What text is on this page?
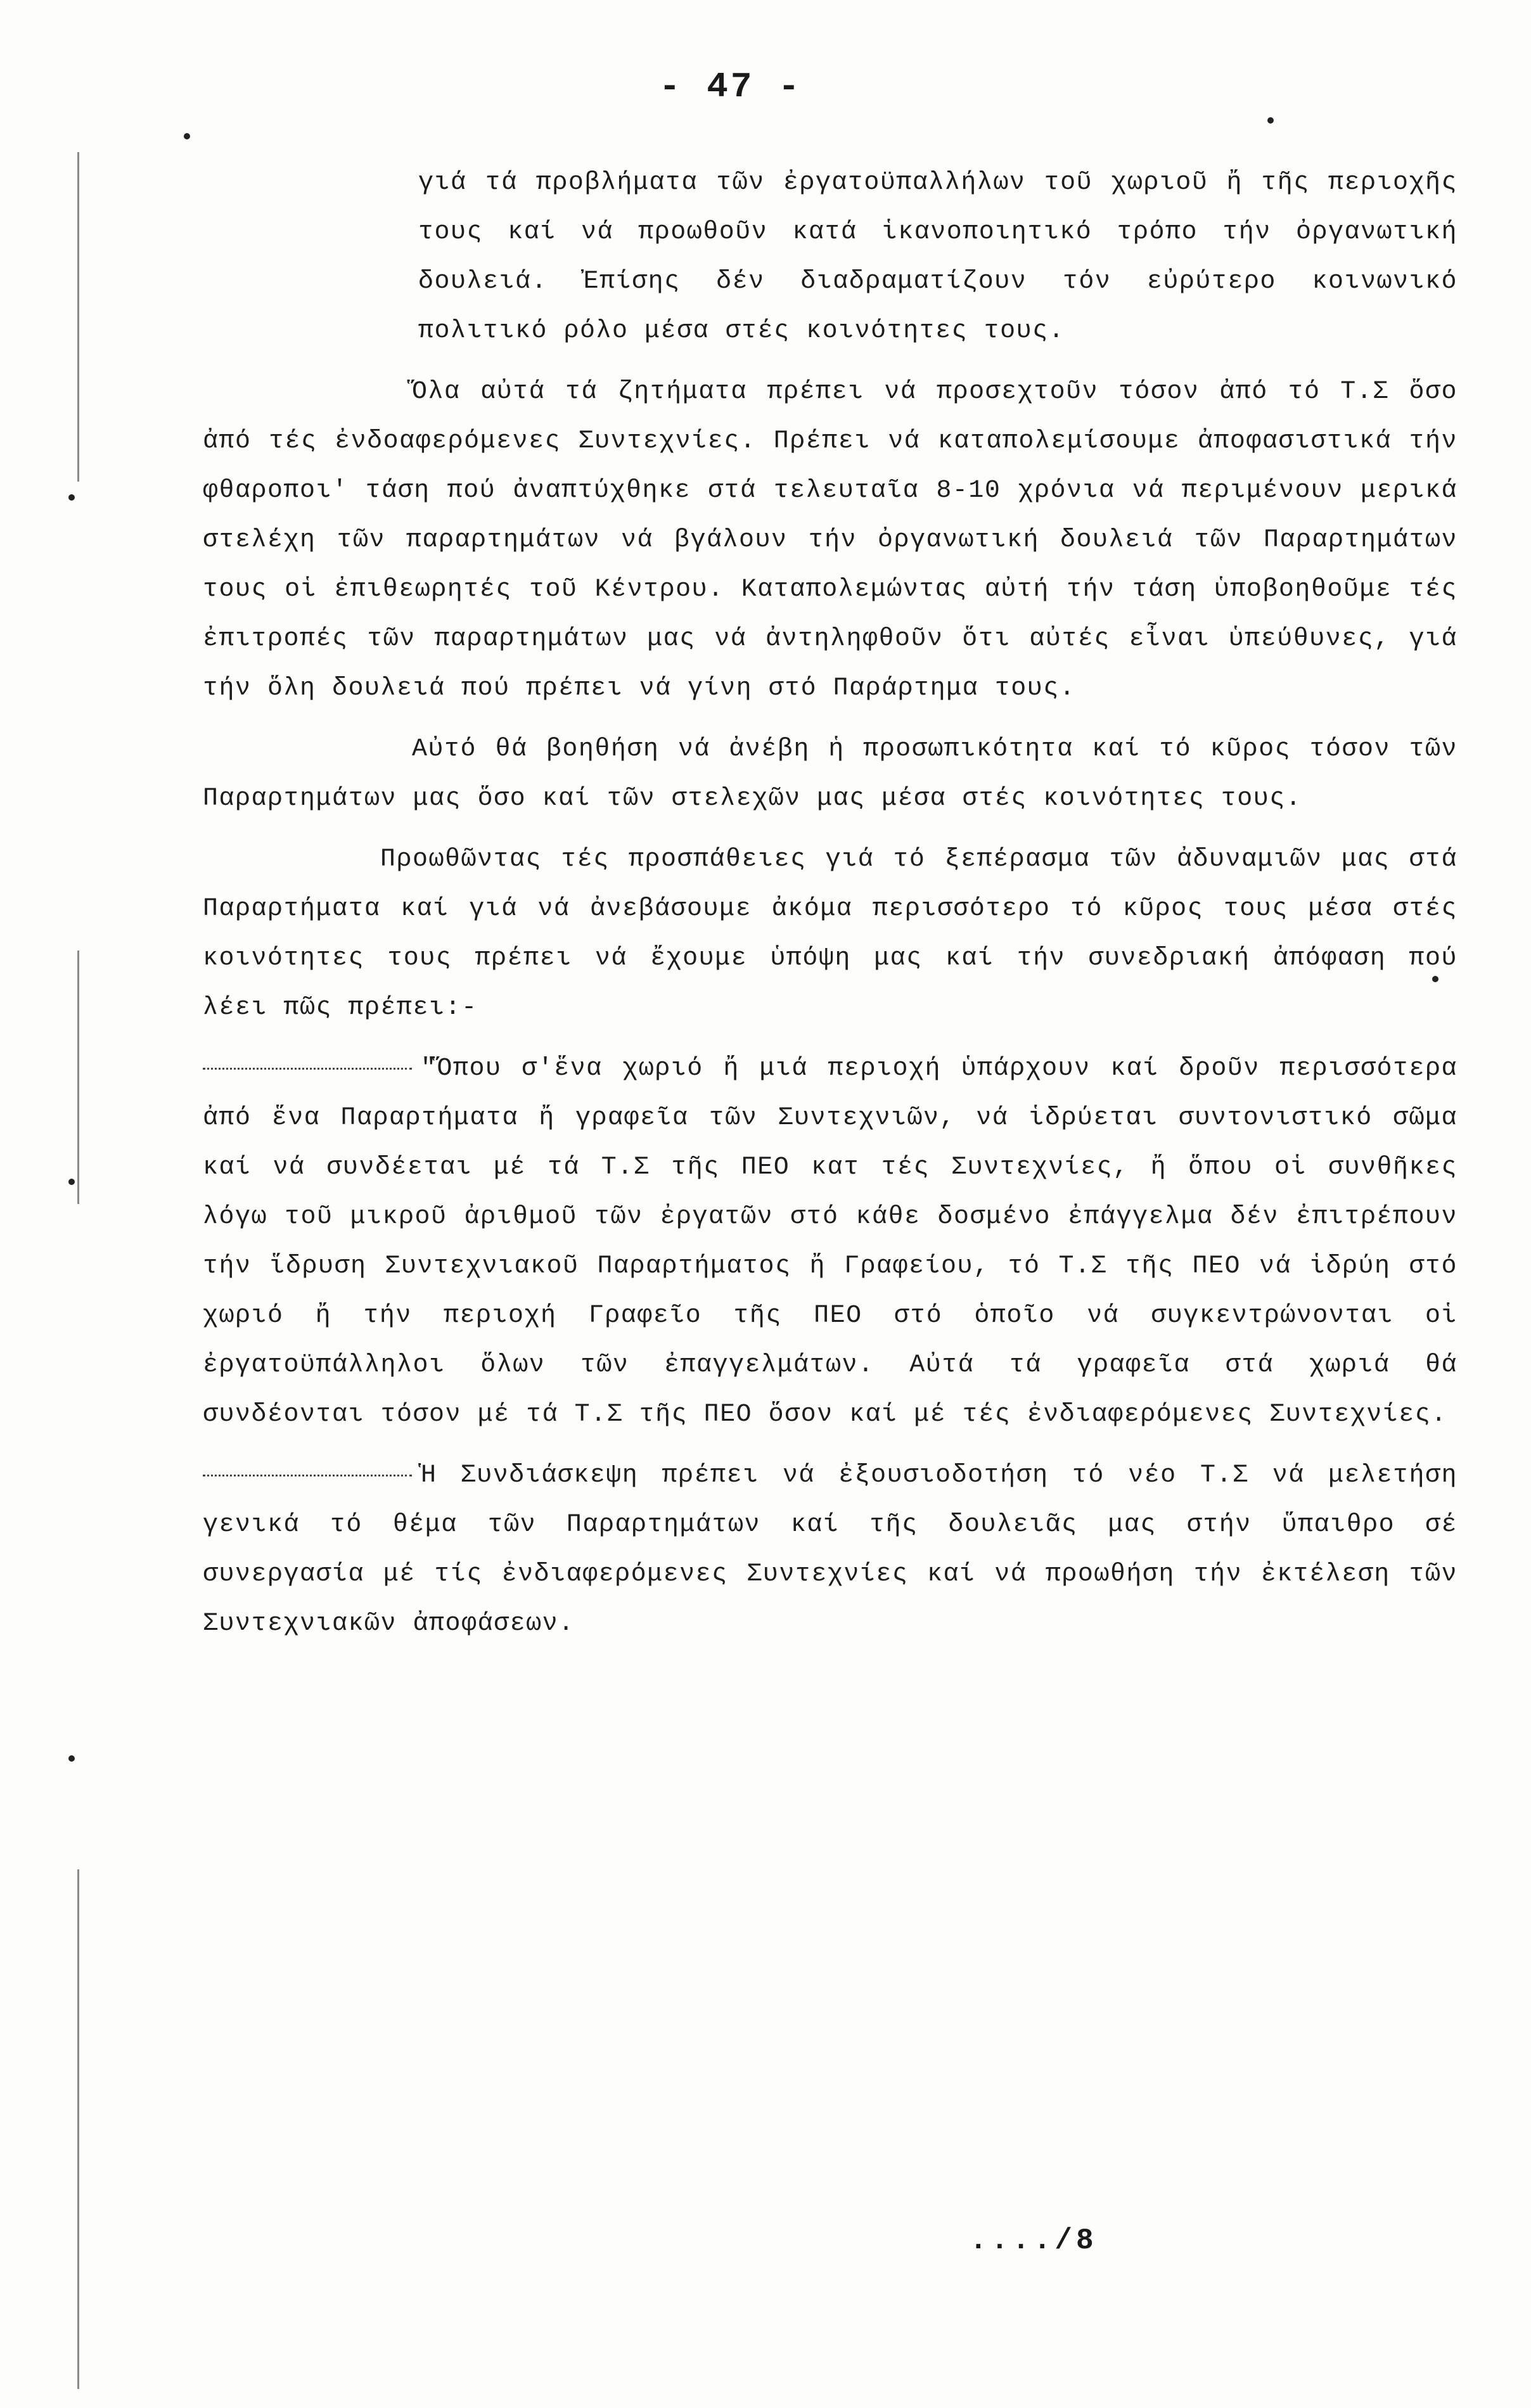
- 47 -

γιά τά προβλήματα τῶν ἐργατοϋπαλλήλων τοῦ χωριοῦ ἤ τῆς περιοχῆς τους καί νά προωθοῦν κατά ἱκανοποιητικό τρόπο τήν ὀργανωτική δουλειά. Ἐπίσης δέν διαδραματίζουν τόν εὐρύτερο κοινωνικό πολιτικό ρόλο μέσα στές κοινότητες τους.

Ὅλα αὐτά τά ζητήματα πρέπει νά προσεχτοῦν τόσον ἀπό τό Τ.Σ ὅσο ἀπό τές ἐνδοαφερόμενες Συντεχνίες. Πρέπει νά καταπολεμίσουμε ἀποφασιστικά τήν φθαροποι' τάση πού ἀναπτύχθηκε στά τελευταῖα 8-10 χρόνια νά περιμένουν μερικά στελέχη τῶν παραρτημάτων νά βγάλουν τήν ὀργανωτική δουλειά τῶν Παραρτημάτων τους οἱ ἐπιθεωρητές τοῦ Κέντρου. Καταπολεμώντας αὐτή τήν τάση ὑποβοηθοῦμε τές ἐπιτροπές τῶν παραρτημάτων μας νά ἀντηληφθοῦν ὅτι αὐτές εἶναι ὑπεύθυνες, γιά τήν ὅλη δουλειά πού πρέπει νά γίνη στό Παράρτημα τους.

Αὐτό θά βοηθήση νά ἀνέβη ἡ προσωπικότητα καί τό κῦρος τόσον τῶν Παραρτημάτων μας ὅσο καί τῶν στελεχῶν μας μέσα στές κοινότητες τους.

Προωθῶντας τές προσπάθειες γιά τό ξεπέρασμα τῶν ἀδυναμιῶν μας στά Παραρτήματα καί γιά νά ἀνεβάσουμε ἀκόμα περισσότερο τό κῦρος τους μέσα στές κοινότητες τους πρέπει νά ἔχουμε ὑπόψη μας καί τήν συνεδριακή ἀπόφαση πού λέει πῶς πρέπει:-

"Ὅπου σ'ἕνα χωριό ἤ μιά περιοχή ὑπάρχουν καί δροῦν περισσότερα ἀπό ἕνα Παραρτήματα ἤ γραφεῖα τῶν Συντεχνιῶν, νά ἱδρύεται συντονιστικό σῶμα καί νά συνδέεται μέ τά Τ.Σ τῆς ΠΕΟ κατ τές Συντεχνίες, ἤ ὅπου οἱ συνθῆκες λόγω τοῦ μικροῦ ἀριθμοῦ τῶν ἐργατῶν στό κάθε δοσμένο ἐπάγγελμα δέν ἐπιτρέπουν τήν ἵδρυση Συντεχνιακοῦ Παραρτήματος ἤ Γραφείου, τό Τ.Σ τῆς ΠΕΟ νά ἱδρύη στό χωριό ἤ τήν περιοχή Γραφεῖο τῆς ΠΕΟ στό ὁποῖο νά συγκεντρώνονται οἱ ἐργατοϋπάλληλοι ὅλων τῶν ἐπαγγελμάτων. Αὐτά τά γραφεῖα στά χωριά θά συνδέονται τόσον μέ τά Τ.Σ τῆς ΠΕΟ ὅσον καί μέ τές ἐνδιαφερόμενες Συντεχνίες.

Ἡ Συνδιάσκεψη πρέπει νά ἐξουσιοδοτήση τό νέο Τ.Σ νά μελετήση γενικά τό θέμα τῶν Παραρτημάτων καί τῆς δουλειᾶς μας στήν ὕπαιθρο σέ συνεργασία μέ τίς ἐνδιαφερόμενες Συντεχνίες καί νά προωθήση τήν ἐκτέλεση τῶν Συντεχνιακῶν ἀποφάσεων.

..../8
